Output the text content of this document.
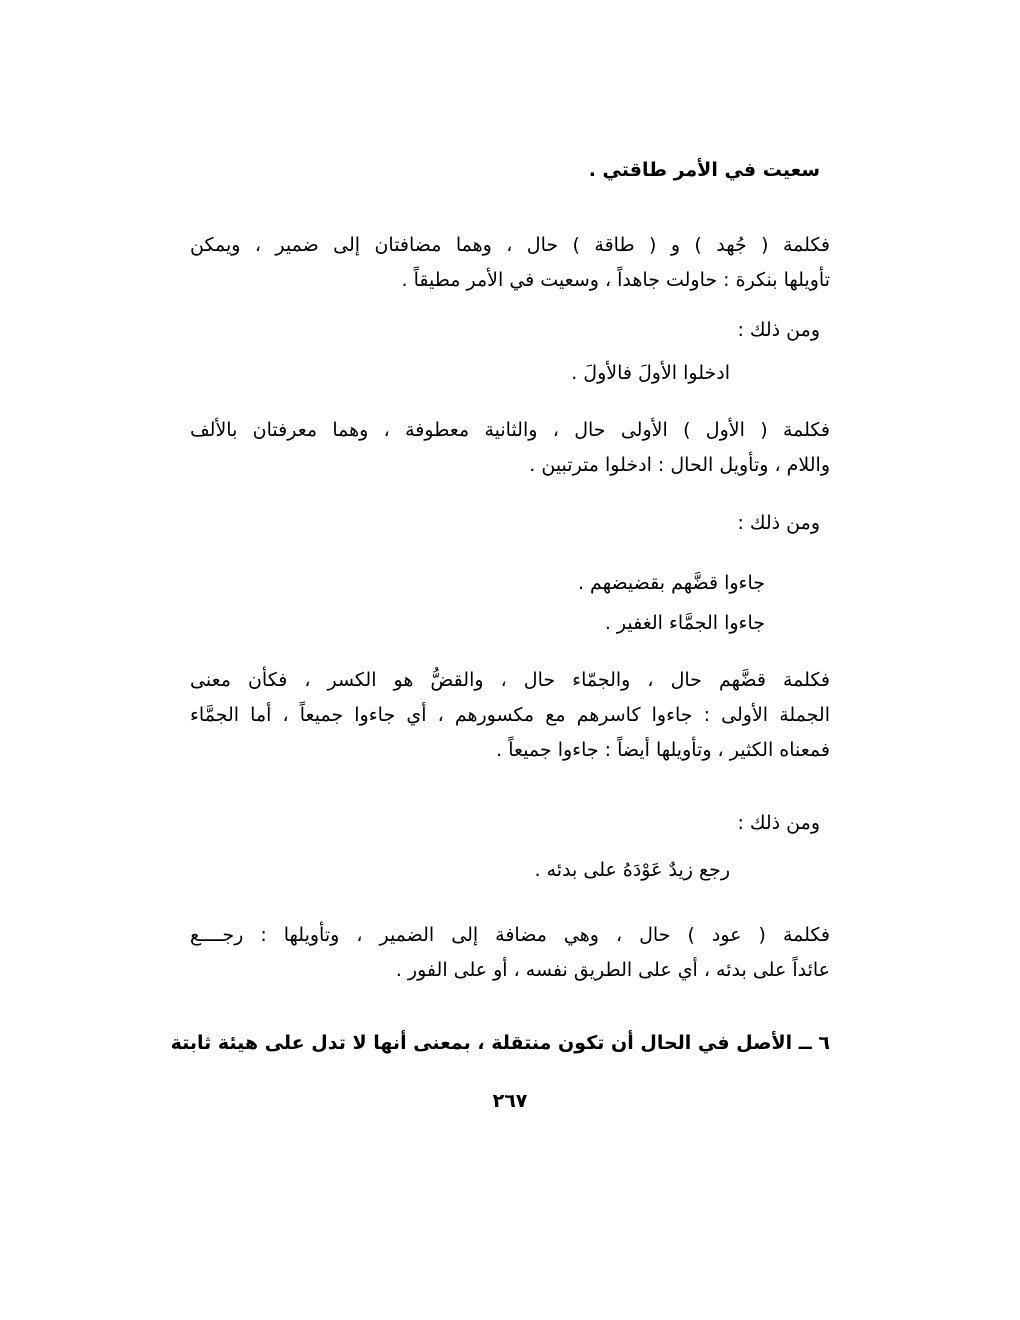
سعيت في الأمر طاقتي .
فكلمة ( جُهد ) و ( طاقة ) حال ، وهما مضافتان إلى ضمير ، ويمكن
تأويلها بنكرة : حاولت جاهداً ، وسعيت في الأمر مطيقاً .
ومن ذلك :
ادخلوا الأولَ فالأولَ .
فكلمة ( الأول ) الأولى حال ، والثانية معطوفة ، وهما معرفتان بالألف
واللام ، وتأويل الحال : ادخلوا مترتبين .
ومن ذلك :
جاءوا قضَّهم بقضيضهم .
جاءوا الجمَّاء الغفير .
فكلمة قضَّهم حال ، والجمّاء حال ، والقضُّ هو الكسر ، فكأن معنى
الجملة الأولى : جاءوا كاسرهم مع مكسورهم ، أي جاءوا جميعاً ، أما الجمَّاء
فمعناه الكثير ، وتأويلها أيضاً : جاءوا جميعاً .
ومن ذلك :
رجع زيدٌ عَوْدَهُ على بدئه .
فكلمة ( عود ) حال ، وهي مضافة إلى الضمير ، وتأويلها : رجــــع
عائداً على بدئه ، أي على الطريق نفسه ، أو على الفور .
٦ ــ الأصل في الحال أن تكون منتقلة ، بمعنى أنها لا تدل على هيئة ثابتة
٢٦٧
